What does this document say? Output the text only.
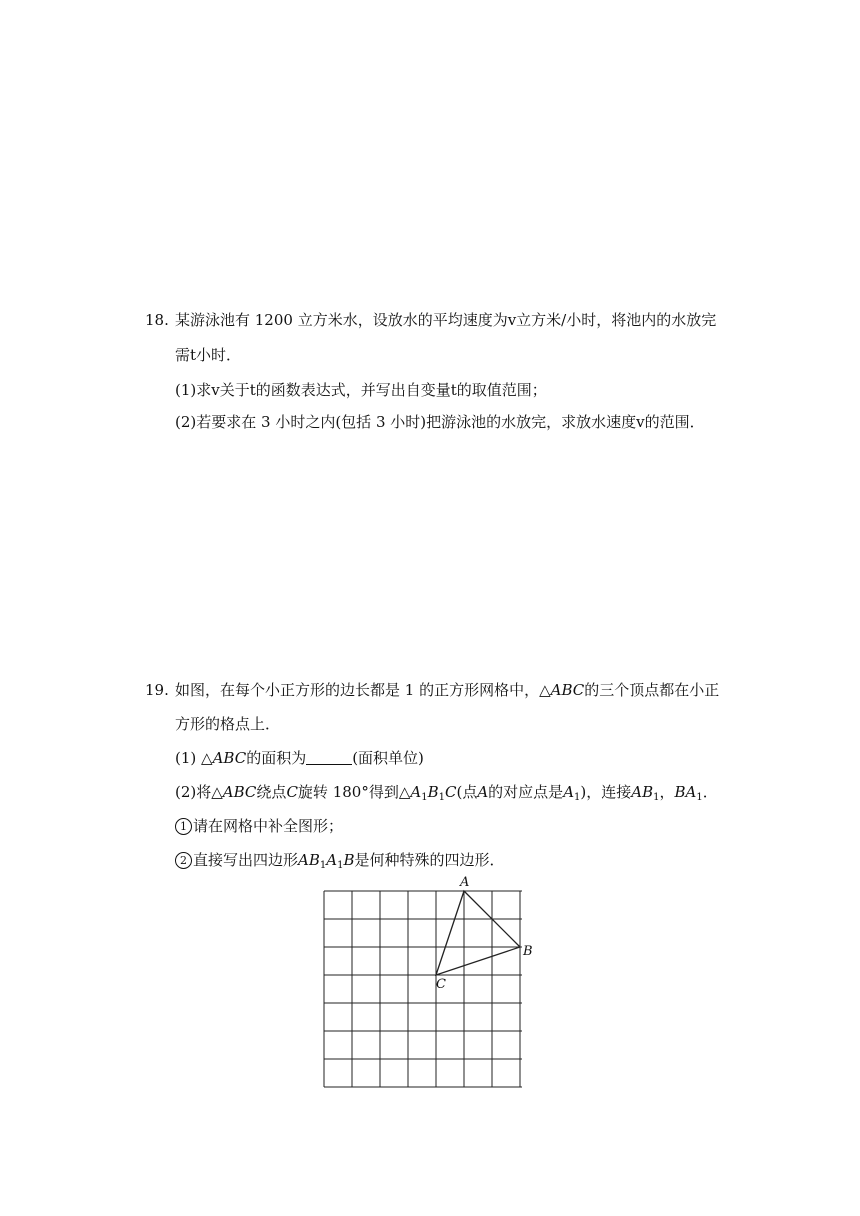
18. 某游泳池有 1200 立方米水，设放水的平均速度为v立方米/小时，将池内的水放完
需t小时．
(1)求v关于t的函数表达式，并写出自变量t的取值范围；
(2)若要求在 3 小时之内(包括 3 小时)把游泳池的水放完，求放水速度v的范围．
19. 如图，在每个小正方形的边长都是 1 的正方形网格中，△ABC的三个顶点都在小正
方形的格点上．
(1) △ABC的面积为	(面积单位)
(2)将△ABC绕点C旋转 180°得到$\triangle A_1B_1C$(点A的对应点是$A_1$)，连接$AB_1$，$BA_1$．
1 请在网格中补全图形；
2 直接写出四边形$AB_1A_1B$是何种特殊的四边形．
A
B
C
